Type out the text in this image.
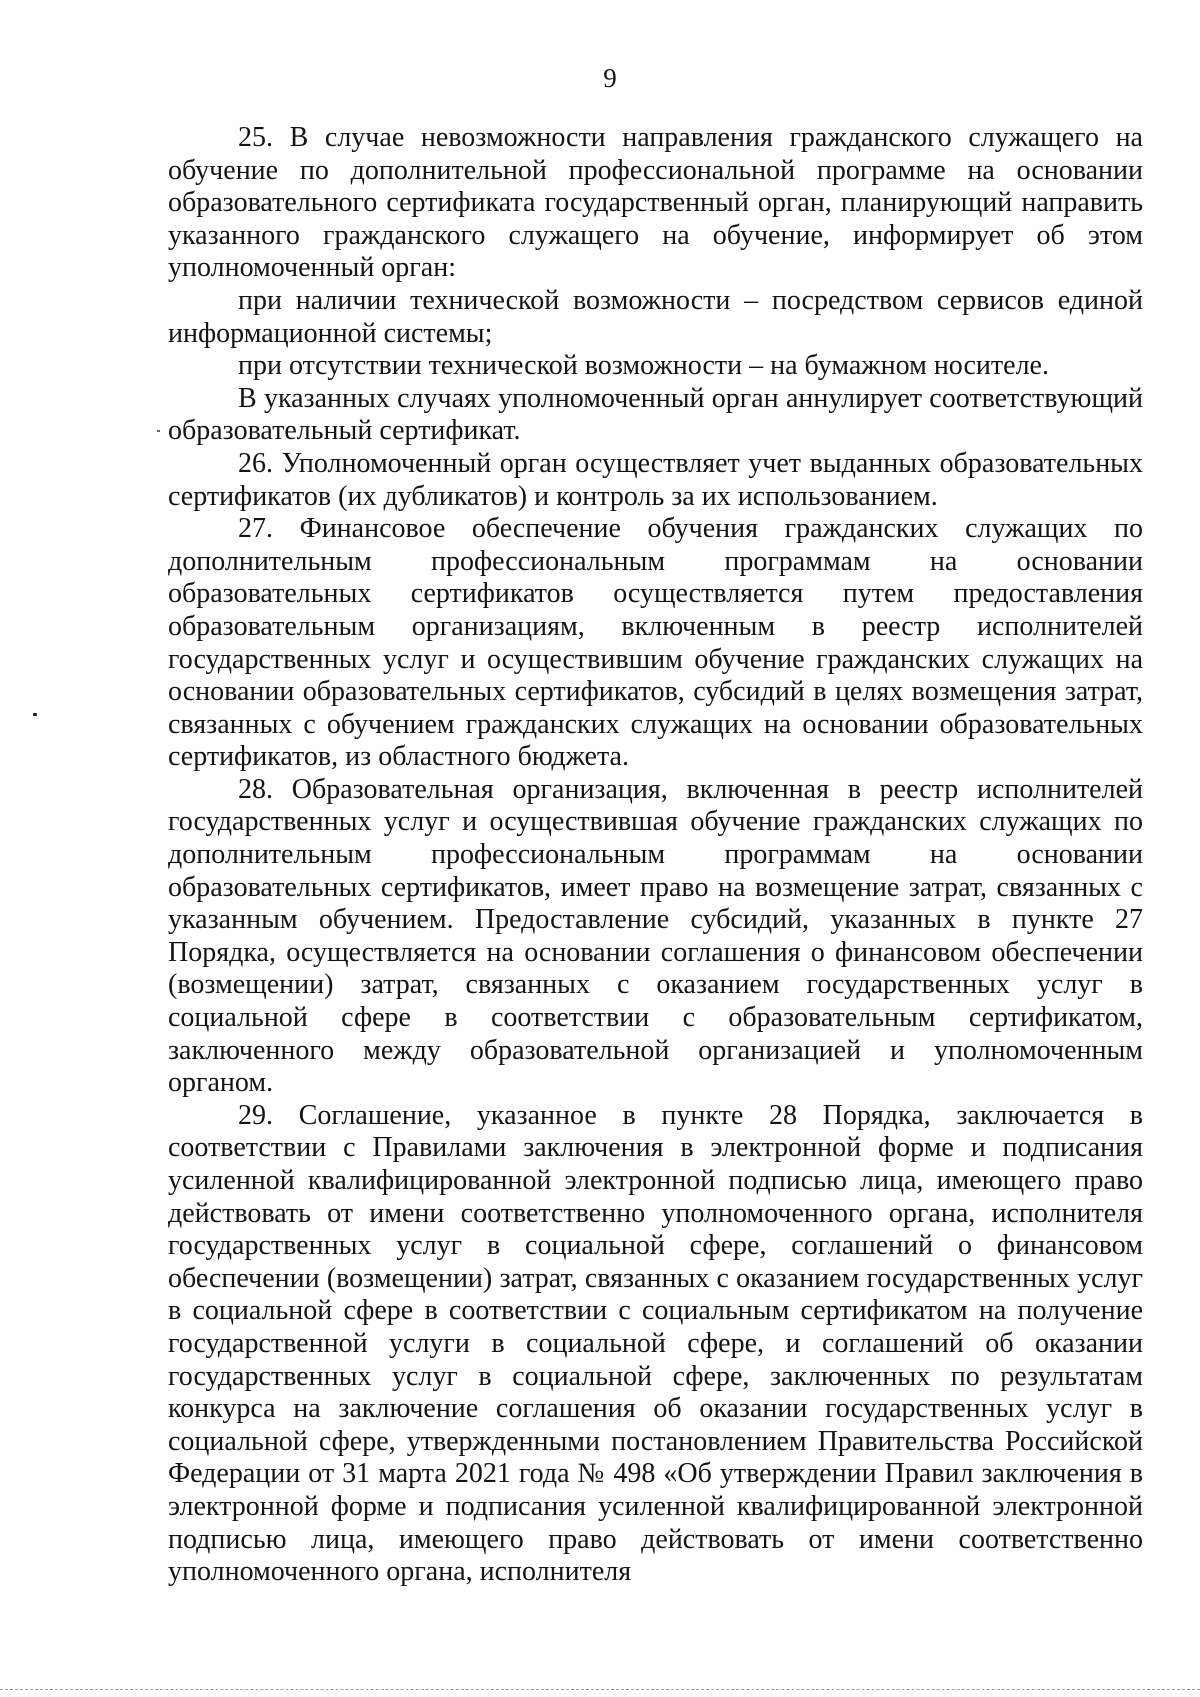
9

25. В случае невозможности направления гражданского служащего на обучение по дополнительной профессиональной программе на основании образовательного сертификата государственный орган, планирующий направить указанного гражданского служащего на обучение, информирует об этом уполномоченный орган:

при наличии технической возможности – посредством сервисов единой информационной системы;

при отсутствии технической возможности – на бумажном носителе.

В указанных случаях уполномоченный орган аннулирует соответствующий образовательный сертификат.

26. Уполномоченный орган осуществляет учет выданных образовательных сертификатов (их дубликатов) и контроль за их использованием.

27. Финансовое обеспечение обучения гражданских служащих по дополнительным профессиональным программам на основании образовательных сертификатов осуществляется путем предоставления образовательным организациям, включенным в реестр исполнителей государственных услуг и осуществившим обучение гражданских служащих на основании образовательных сертификатов, субсидий в целях возмещения затрат, связанных с обучением гражданских служащих на основании образовательных сертификатов, из областного бюджета.

28. Образовательная организация, включенная в реестр исполнителей государственных услуг и осуществившая обучение гражданских служащих по дополнительным профессиональным программам на основании образовательных сертификатов, имеет право на возмещение затрат, связанных с указанным обучением. Предоставление субсидий, указанных в пункте 27 Порядка, осуществляется на основании соглашения о финансовом обеспечении (возмещении) затрат, связанных с оказанием государственных услуг в социальной сфере в соответствии с образовательным сертификатом, заключенного между образовательной организацией и уполномоченным органом.

29. Соглашение, указанное в пункте 28 Порядка, заключается в соответствии с Правилами заключения в электронной форме и подписания усиленной квалифицированной электронной подписью лица, имеющего право действовать от имени соответственно уполномоченного органа, исполнителя государственных услуг в социальной сфере, соглашений о финансовом обеспечении (возмещении) затрат, связанных с оказанием государственных услуг в социальной сфере в соответствии с социальным сертификатом на получение государственной услуги в социальной сфере, и соглашений об оказании государственных услуг в социальной сфере, заключенных по результатам конкурса на заключение соглашения об оказании государственных услуг в социальной сфере, утвержденными постановлением Правительства Российской Федерации от 31 марта 2021 года № 498 «Об утверждении Правил заключения в электронной форме и подписания усиленной квалифицированной электронной подписью лица, имеющего право действовать от имени соответственно уполномоченного органа, исполнителя
